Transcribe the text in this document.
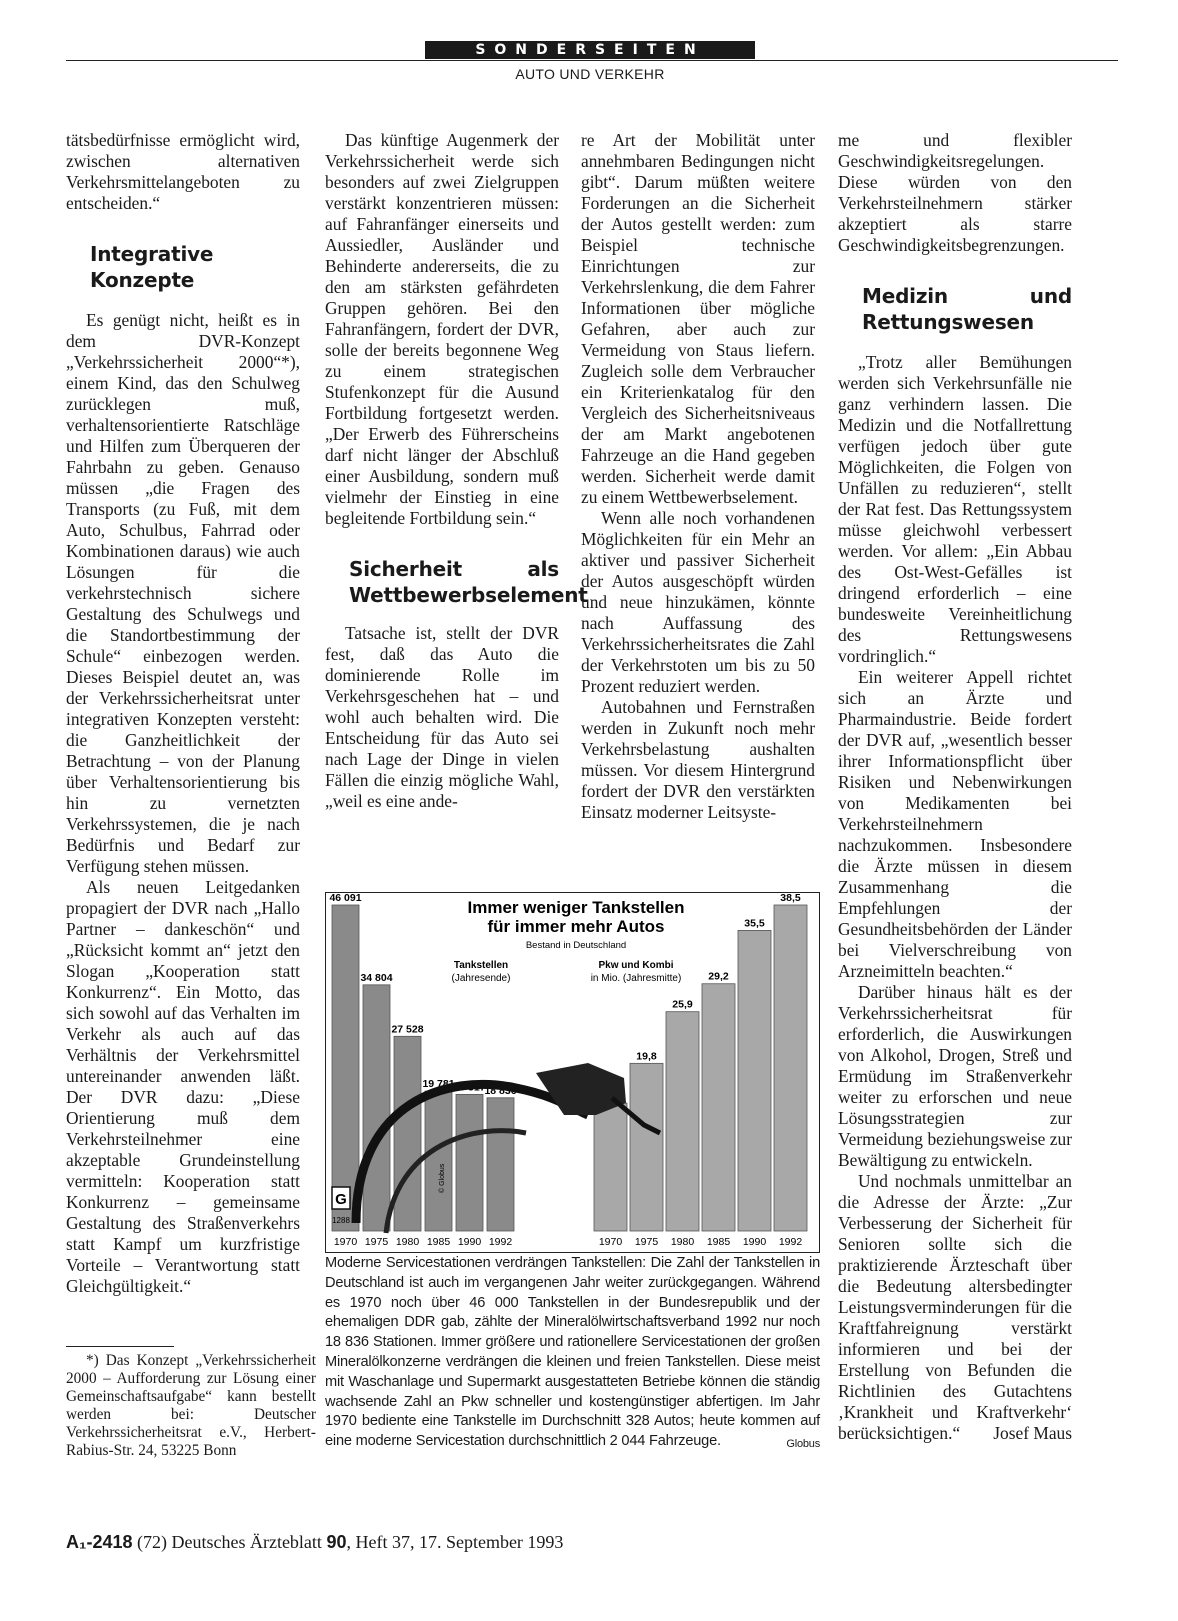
SONDERSEITEN
AUTO UND VERKEHR

tätsbedürfnisse ermöglicht wird, zwischen alternativen Verkehrsmittelangeboten zu entscheiden.“

Integrative Konzepte

Es genügt nicht, heißt es in dem DVR-Konzept „Verkehrssicherheit 2000“*), einem Kind, das den Schulweg zurücklegen muß, verhaltensorientierte Ratschläge und Hilfen zum Überqueren der Fahrbahn zu geben. Genauso müssen „die Fragen des Transports (zu Fuß, mit dem Auto, Schulbus, Fahrrad oder Kombinationen daraus) wie auch Lösungen für die verkehrstechnisch sichere Gestaltung des Schulwegs und die Standortbestimmung der Schule“ einbezogen werden. Dieses Beispiel deutet an, was der Verkehrssicherheitsrat unter integrativen Konzepten versteht: die Ganzheitlichkeit der Betrachtung – von der Planung über Verhaltensorientierung bis hin zu vernetzten Verkehrssystemen, die je nach Bedürfnis und Bedarf zur Verfügung stehen müssen.

Als neuen Leitgedanken propagiert der DVR nach „Hallo Partner – dankeschön“ und „Rücksicht kommt an“ jetzt den Slogan „Kooperation statt Konkurrenz“. Ein Motto, das sich sowohl auf das Verhalten im Verkehr als auch auf das Verhältnis der Verkehrsmittel untereinander anwenden läßt. Der DVR dazu: „Diese Orientierung muß dem Verkehrsteilnehmer eine akzeptable Grundeinstellung vermitteln: Kooperation statt Konkurrenz – gemeinsame Gestaltung des Straßenverkehrs statt Kampf um kurzfristige Vorteile – Verantwortung statt Gleichgültigkeit.“

*) Das Konzept „Verkehrssicherheit 2000 – Aufforderung zur Lösung einer Gemeinschaftsaufgabe“ kann bestellt werden bei: Deutscher Verkehrssicherheitsrat e.V., Herbert-Rabius-Str. 24, 53225 Bonn

Das künftige Augenmerk der Verkehrssicherheit werde sich besonders auf zwei Zielgruppen verstärkt konzentrieren müssen: auf Fahranfänger einerseits und Aussiedler, Ausländer und Behinderte andererseits, die zu den am stärksten gefährdeten Gruppen gehören. Bei den Fahranfängern, fordert der DVR, solle der bereits begonnene Weg zu einem strategischen Stufenkonzept für die Ausund Fortbildung fortgesetzt werden. „Der Erwerb des Führerscheins darf nicht länger der Abschluß einer Ausbildung, sondern muß vielmehr der Einstieg in eine begleitende Fortbildung sein.“

Sicherheit als Wettbewerbselement

Tatsache ist, stellt der DVR fest, daß das Auto die dominierende Rolle im Verkehrsgeschehen hat – und wohl auch behalten wird. Die Entscheidung für das Auto sei nach Lage der Dinge in vielen Fällen die einzig mögliche Wahl, „weil es eine ande-

re Art der Mobilität unter annehmbaren Bedingungen nicht gibt“. Darum müßten weitere Forderungen an die Sicherheit der Autos gestellt werden: zum Beispiel technische Einrichtungen zur Verkehrslenkung, die dem Fahrer Informationen über mögliche Gefahren, aber auch zur Vermeidung von Staus liefern. Zugleich solle dem Verbraucher ein Kriterienkatalog für den Vergleich des Sicherheitsniveaus der am Markt angebotenen Fahrzeuge an die Hand gegeben werden. Sicherheit werde damit zu einem Wettbewerbselement.

Wenn alle noch vorhandenen Möglichkeiten für ein Mehr an aktiver und passiver Sicherheit der Autos ausgeschöpft würden und neue hinzukämen, könnte nach Auffassung des Verkehrssicherheitsrates die Zahl der Verkehrstoten um bis zu 50 Prozent reduziert werden.

Autobahnen und Fernstraßen werden in Zukunft noch mehr Verkehrsbelastung aushalten müssen. Vor diesem Hintergrund fordert der DVR den verstärkten Einsatz moderner Leitsyste-

me und flexibler Geschwindigkeitsregelungen. Diese würden von den Verkehrsteilnehmern stärker akzeptiert als starre Geschwindigkeitsbegrenzungen.

Medizin und Rettungswesen

„Trotz aller Bemühungen werden sich Verkehrsunfälle nie ganz verhindern lassen. Die Medizin und die Notfallrettung verfügen jedoch über gute Möglichkeiten, die Folgen von Unfällen zu reduzieren“, stellt der Rat fest. Das Rettungssystem müsse gleichwohl verbessert werden. Vor allem: „Ein Abbau des Ost-West-Gefälles ist dringend erforderlich – eine bundesweite Vereinheitlichung des Rettungswesens vordringlich.“

Ein weiterer Appell richtet sich an Ärzte und Pharmaindustrie. Beide fordert der DVR auf, „wesentlich besser ihrer Informationspflicht über Risiken und Nebenwirkungen von Medikamenten bei Verkehrsteilnehmern nachzukommen. Insbesondere die Ärzte müssen in diesem Zusammenhang die Empfehlungen der Gesundheitsbehörden der Länder bei Vielverschreibung von Arzneimitteln beachten.“

Darüber hinaus hält es der Verkehrssicherheitsrat für erforderlich, die Auswirkungen von Alkohol, Drogen, Streß und Ermüdung im Straßenverkehr weiter zu erforschen und neue Lösungsstrategien zur Vermeidung beziehungsweise zur Bewältigung zu entwickeln.

Und nochmals unmittelbar an die Adresse der Ärzte: „Zur Verbesserung der Sicherheit für Senioren sollte sich die praktizierende Ärzteschaft über die Bedeutung altersbedingter Leistungsverminderungen für die Kraftfahreignung verstärkt informieren und bei der Erstellung von Befunden die Richtlinien des Gutachtens ‚Krankheit und Kraftverkehr‘ berücksichtigen.“	Josef Maus

46 091
1970
34 804
1975
27 528
1980
19 781
1985
19 317
1990
18 836
1992	1970
19,8
1975
25,9
1980
29,2
1985
35,5
1990
38,5
1992
Immer weniger Tankstellen
für immer mehr Autos
Bestand in Deutschland
Tankstellen
(Jahresende)
Pkw und Kombi
in Mio. (Jahresmitte)
G
1288
© Globus
Moderne Servicestationen verdrängen Tankstellen: Die Zahl der Tankstellen in Deutschland ist auch im vergangenen Jahr weiter zurückgegangen. Während es 1970 noch über 46 000 Tankstellen in der Bundesrepublik und der ehemaligen DDR gab, zählte der Mineralölwirtschaftsverband 1992 nur noch 18 836 Stationen. Immer größere und rationellere Servicestationen der großen Mineralölkonzerne verdrängen die kleinen und freien Tankstellen. Diese meist mit Waschanlage und Supermarkt ausgestatteten Betriebe können die ständig wachsende Zahl an Pkw schneller und kostengünstiger abfertigen. Im Jahr 1970 bediente eine Tankstelle im Durchschnitt 328 Autos; heute kommen auf eine moderne Servicestation durchschnittlich 2 044 Fahrzeuge.	Globus
A₁-2418 (72) Deutsches Ärzteblatt 90, Heft 37, 17. September 1993
